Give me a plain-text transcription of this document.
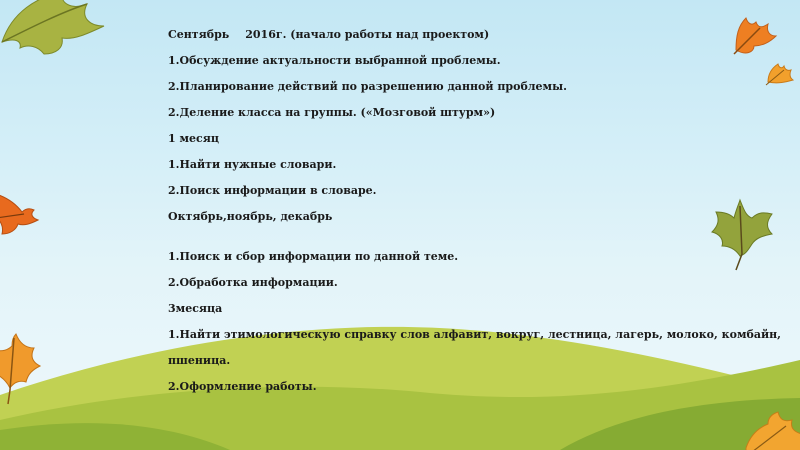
Сентябрь 2016г. (начало работы над проектом)
1.Обсуждение актуальности выбранной проблемы.
2.Планирование действий по разрешению данной проблемы.
2.Деление класса на группы. («Мозговой штурм»)
1 месяц
1.Найти нужные словари.
2.Поиск информации в словаре.
Октябрь,ноябрь, декабрь
1.Поиск и сбор информации по данной теме.
2.Обработка информации.
3месяца
1.Найти этимологическую справку слов алфавит, вокруг, лестница, лагерь, молоко, комбайн,
пшеница.
2.Оформление работы.
